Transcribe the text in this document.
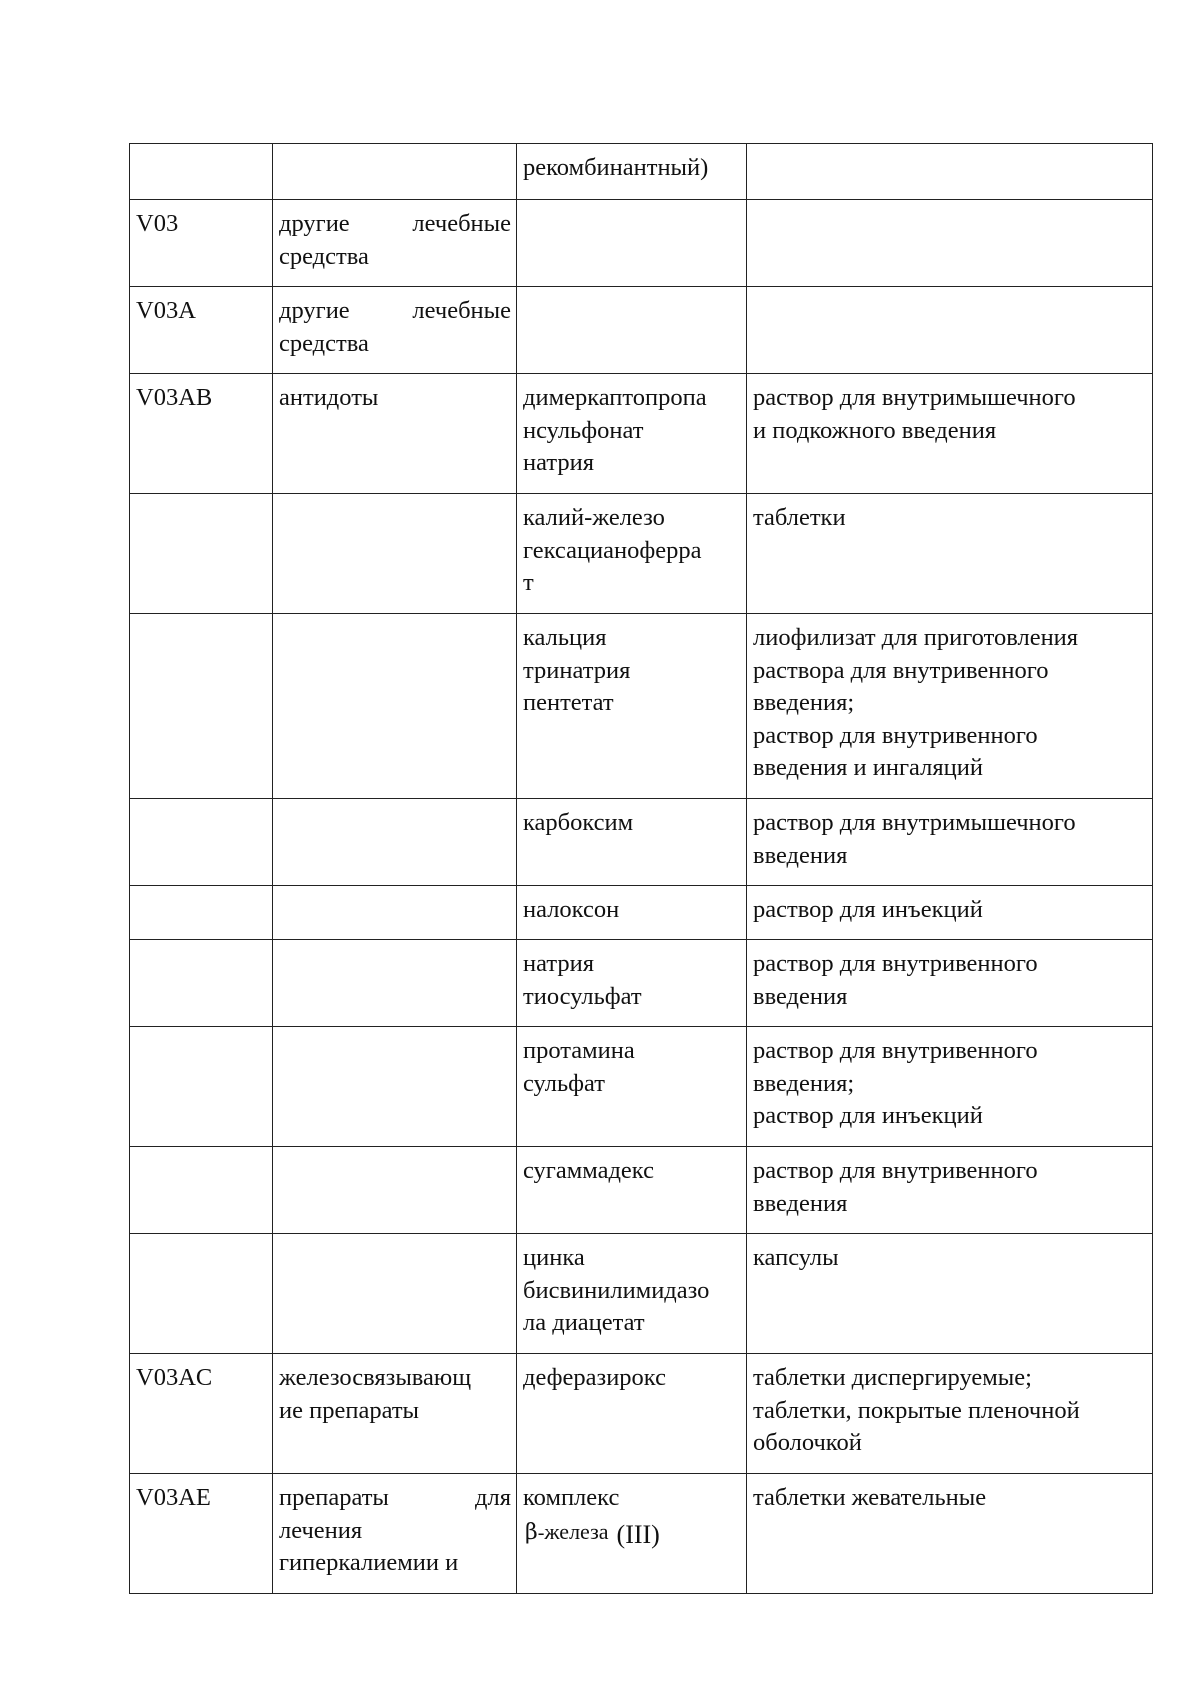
		рекомбинантный)	

V03	другие лечебные средства		

V03A	другие лечебные средства		

V03AB	антидоты	димеркаптопропа
нсульфонат
натрия	раствор для внутримышечного
и подкожного введения

		калий-железо
гексацианоферра
т	таблетки

		кальция
тринатрия
пентетат	лиофилизат для приготовления
раствора для внутривенного
введения;
раствор для внутривенного
введения и ингаляций

		карбоксим	раствор для внутримышечного
введения

		налоксон	раствор для инъекций

		натрия
тиосульфат	раствор для внутривенного
введения

		протамина
сульфат	раствор для внутривенного
введения;
раствор для инъекций

		сугаммадекс	раствор для внутривенного
введения

		цинка
бисвинилимидазо
ла диацетат	капсулы

V03AC	железосвязывающ
ие препараты	деферазирокс	таблетки диспергируемые;
таблетки, покрытые пленочной
оболочкой

V03AE	препараты для лечения гиперкалиемии и	комплекс
β-железа (III)	таблетки жевательные
